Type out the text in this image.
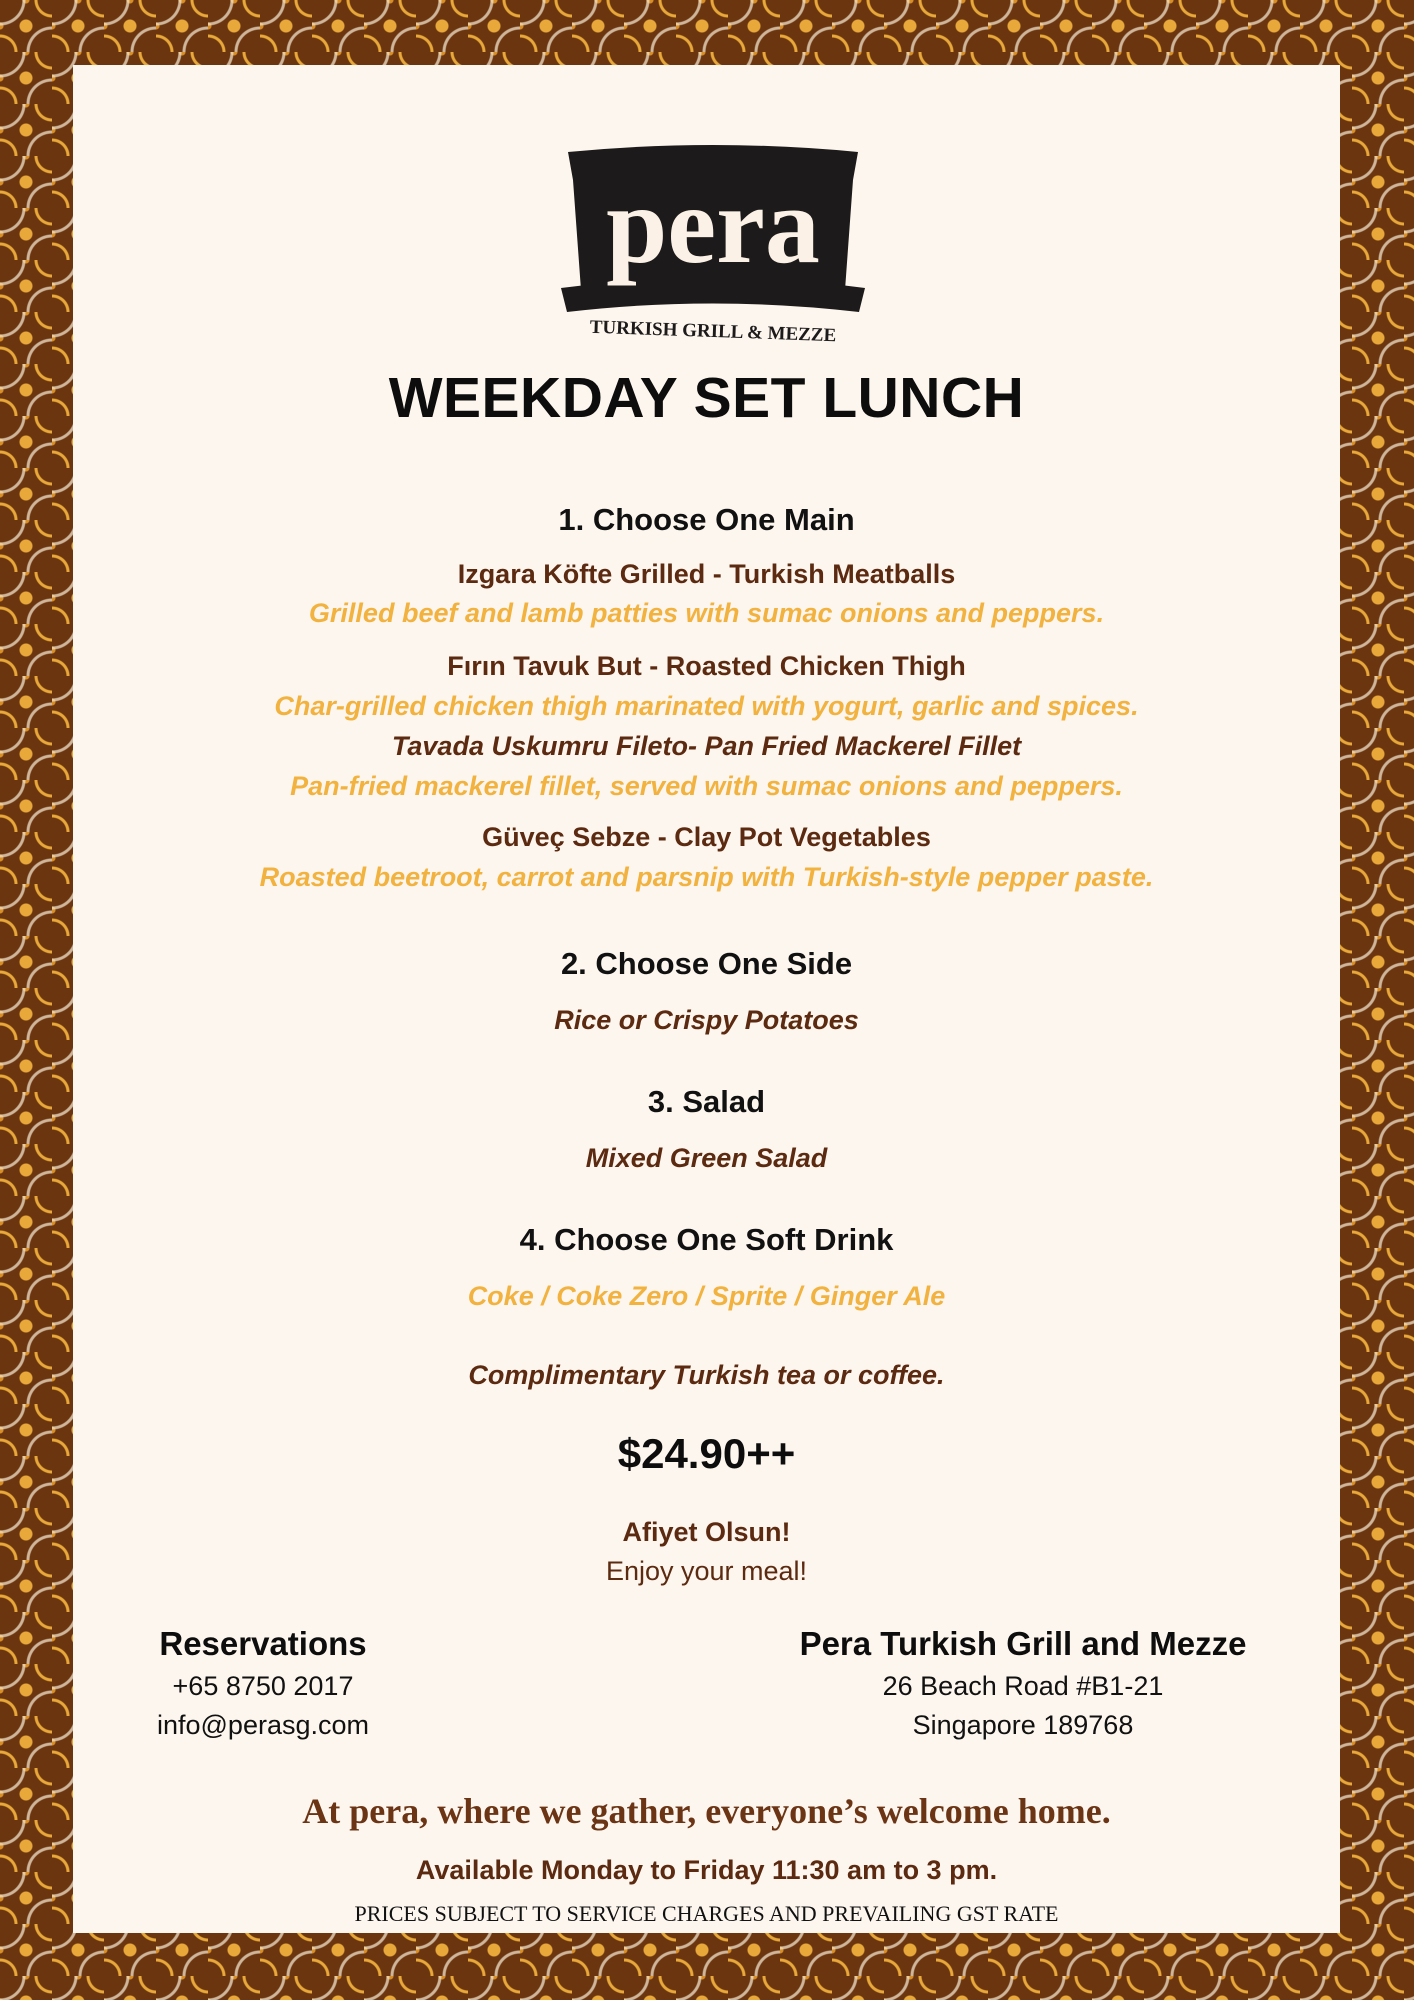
pera
TURKISH GRILL & MEZZE
WEEKDAY SET LUNCH
1. Choose One Main
Izgara Köfte Grilled - Turkish Meatballs
Grilled beef and lamb patties with sumac onions and peppers.
Fırın Tavuk But - Roasted Chicken Thigh
Char-grilled chicken thigh marinated with yogurt, garlic and spices.
Tavada Uskumru Fileto- Pan Fried Mackerel Fillet
Pan-fried mackerel fillet, served with sumac onions and peppers.
Güveç Sebze - Clay Pot Vegetables
Roasted beetroot, carrot and parsnip with Turkish-style pepper paste.
2. Choose One Side
Rice or Crispy Potatoes
3. Salad
Mixed Green Salad
4. Choose One Soft Drink
Coke / Coke Zero / Sprite / Ginger Ale
Complimentary Turkish tea or coffee.
$24.90++
Afiyet Olsun!
Enjoy your meal!
Reservations
+65 8750 2017
info@perasg.com
Pera Turkish Grill and Mezze
26 Beach Road #B1-21
Singapore 189768
At pera, where we gather, everyone’s welcome home.
Available Monday to Friday 11:30 am to 3 pm.
PRICES SUBJECT TO SERVICE CHARGES AND PREVAILING GST RATE
